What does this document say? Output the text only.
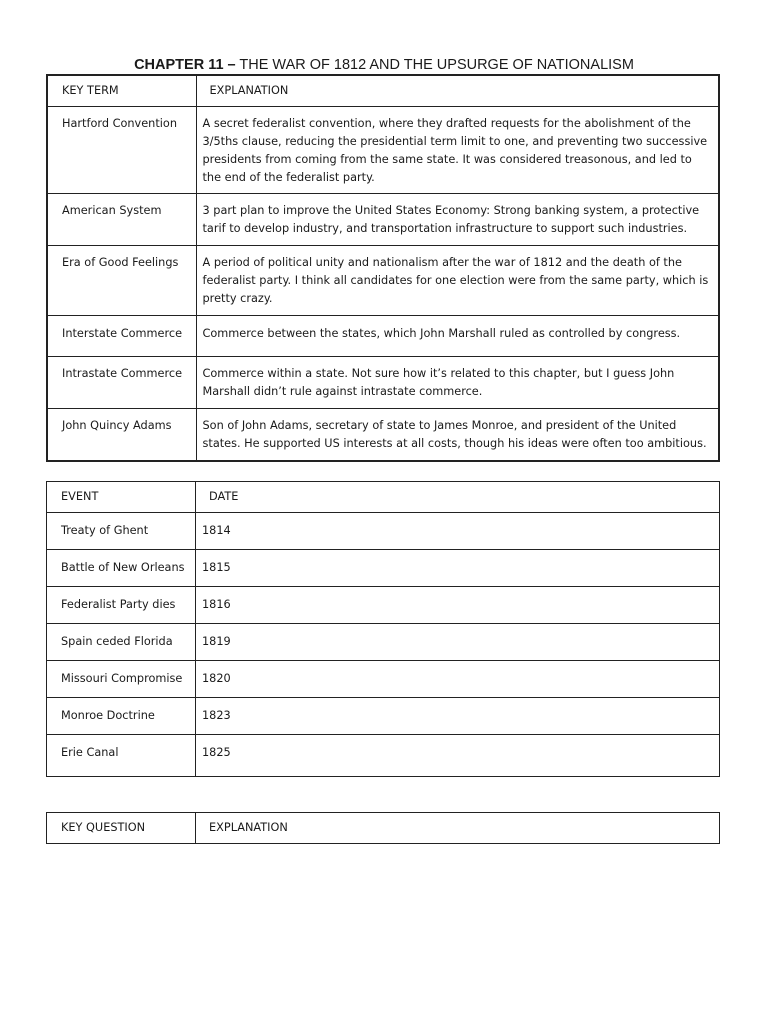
CHAPTER 11 – THE WAR OF 1812 AND THE UPSURGE OF NATIONALISM
KEY TERM	EXPLANATION
Hartford Convention	A secret federalist convention, where they drafted requests for the abolishment of the 3/5ths clause, reducing the presidential term limit to one, and preventing two successive presidents from coming from the same state. It was considered treasonous, and led to the end of the federalist party.
American System	3 part plan to improve the United States Economy: Strong banking system, a protective tarif to develop industry, and transportation infrastructure to support such industries.
Era of Good Feelings	A period of political unity and nationalism after the war of 1812 and the death of the federalist party. I think all candidates for one election were from the same party, which is pretty crazy.
Interstate Commerce	Commerce between the states, which John Marshall ruled as controlled by congress.
Intrastate Commerce	Commerce within a state. Not sure how it’s related to this chapter, but I guess John Marshall didn’t rule against intrastate commerce.
John Quincy Adams	Son of John Adams, secretary of state to James Monroe, and president of the United states. He supported US interests at all costs, though his ideas were often too ambitious.
EVENT	DATE
Treaty of Ghent	1814
Battle of New Orleans	1815
Federalist Party dies	1816
Spain ceded Florida	1819
Missouri Compromise	1820
Monroe Doctrine	1823
Erie Canal	1825
KEY QUESTION	EXPLANATION
